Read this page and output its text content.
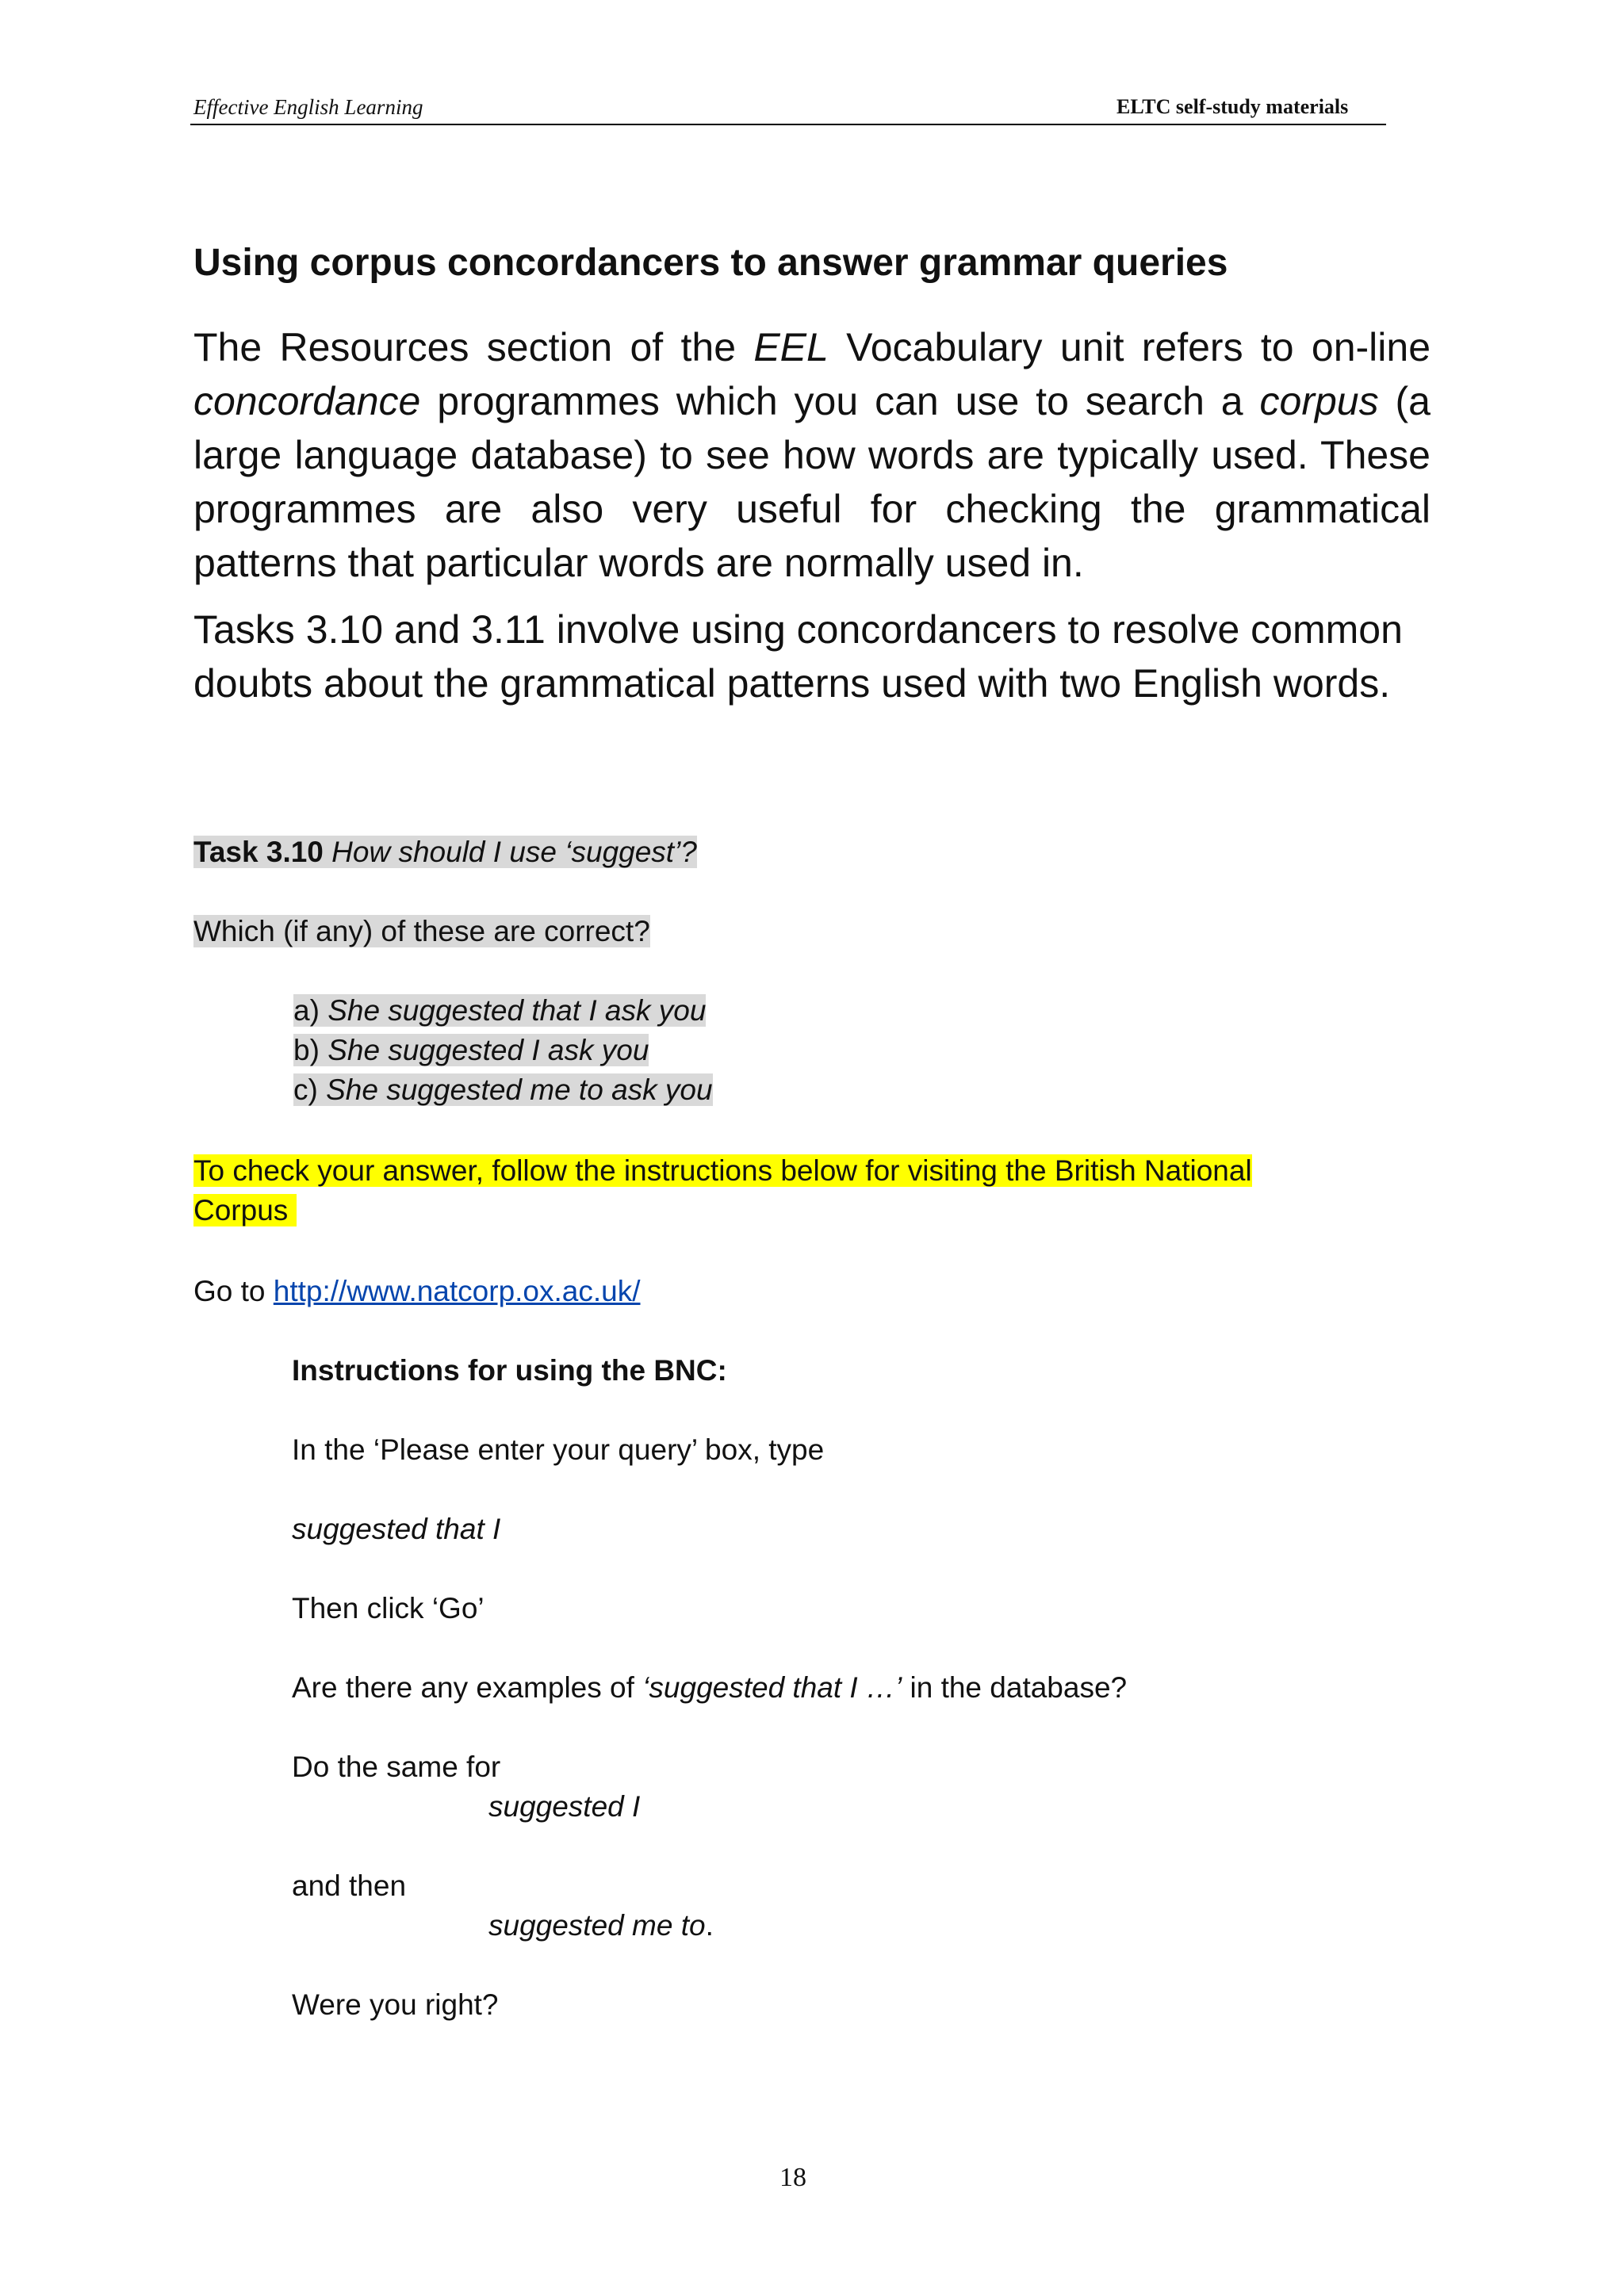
Effective English Learning	ELTC self-study materials
Using corpus concordancers to answer grammar queries
The Resources section of the EEL Vocabulary unit refers to on-line concordance programmes which you can use to search a corpus (a large language database) to see how words are typically used. These programmes are also very useful for checking the grammatical patterns that particular words are normally used in.
Tasks 3.10 and 3.11 involve using concordancers to resolve common doubts about the grammatical patterns used with two English words.
Task 3.10 How should I use ‘suggest’?
Which (if any) of these are correct?
a) She suggested that I ask you
b) She suggested I ask you
c) She suggested me to ask you
To check your answer, follow the instructions below for visiting the British National
Corpus
Go to http://www.natcorp.ox.ac.uk/
Instructions for using the BNC:
In the ‘Please enter your query’ box, type
suggested that I
Then click ‘Go’
Are there any examples of ‘suggested that I …’ in the database?
Do the same for
suggested I
and then
suggested me to.
Were you right?
18
